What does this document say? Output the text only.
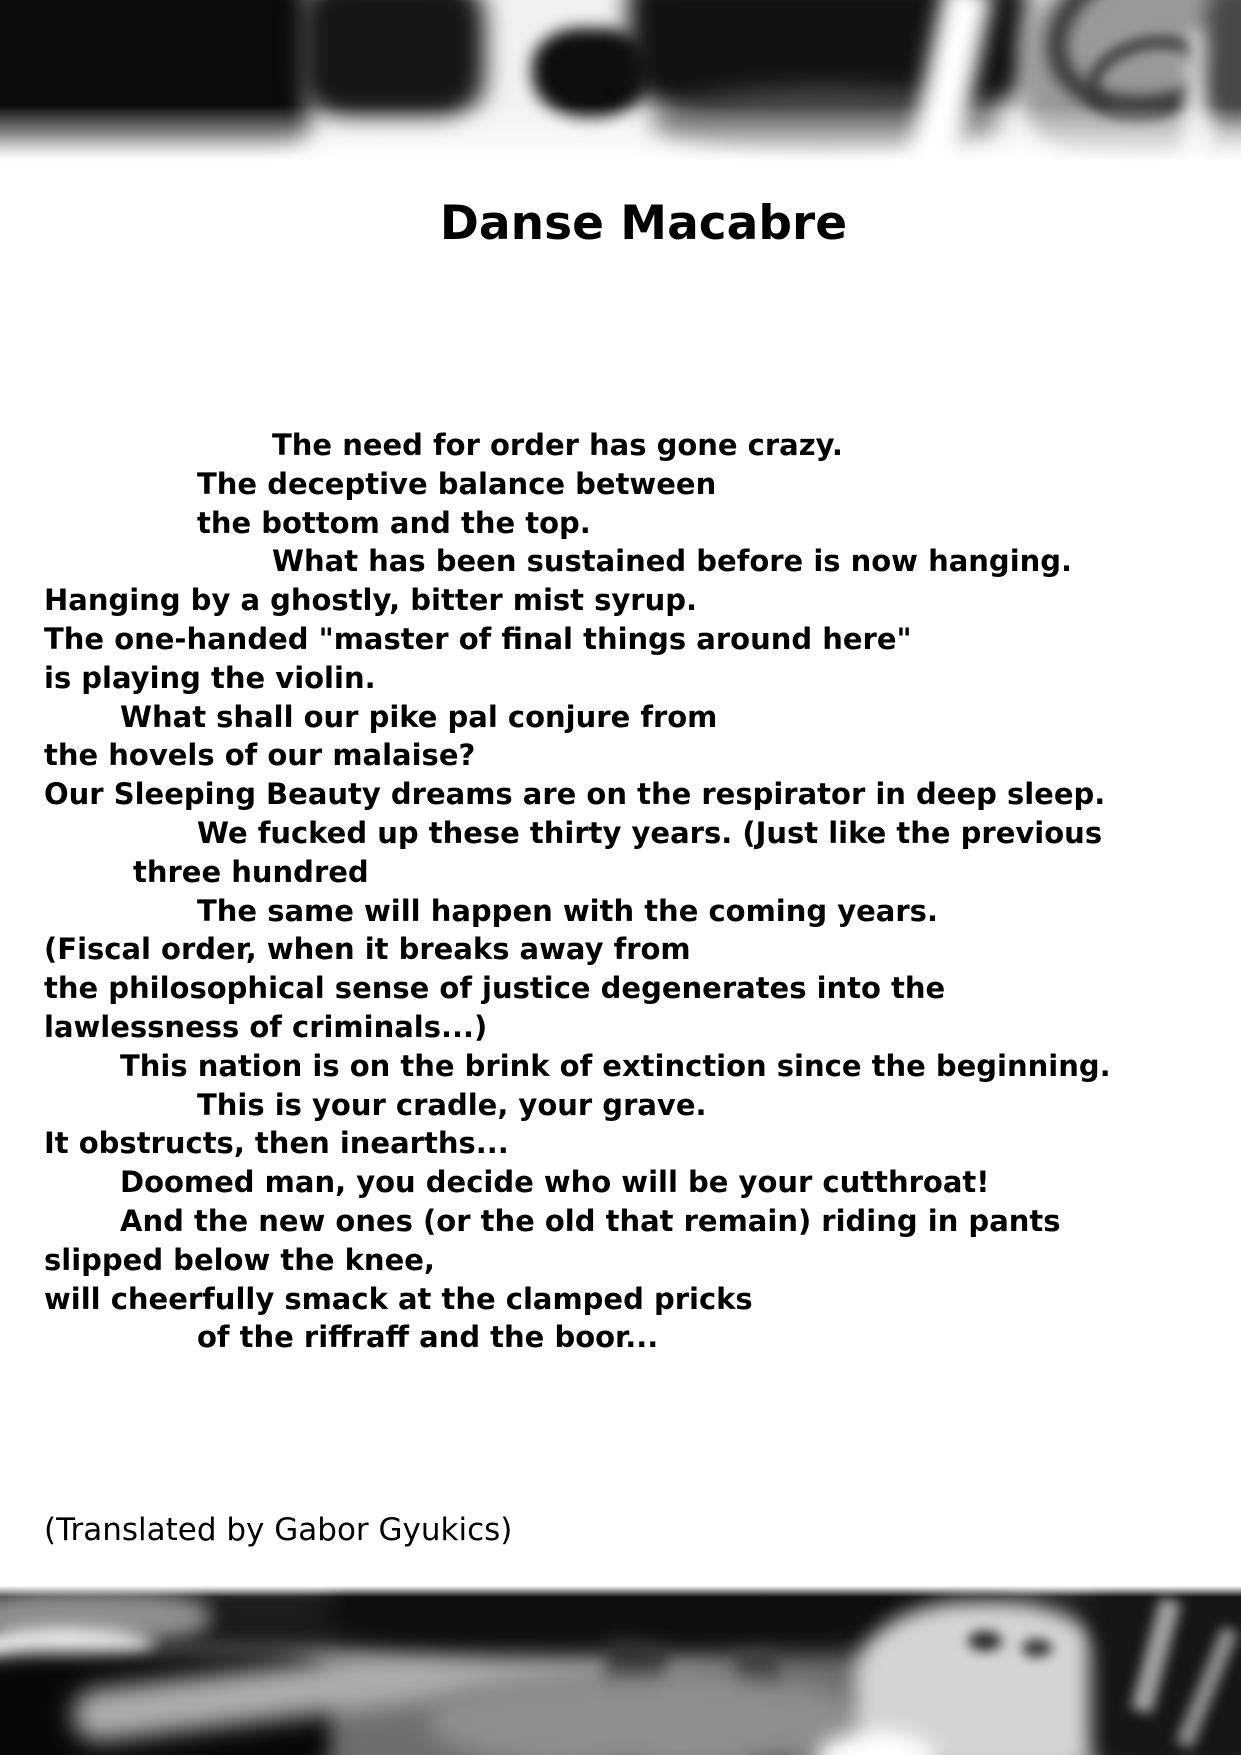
Danse Macabre
The need for order has gone crazy.
The deceptive balance between
the bottom and the top.
What has been sustained before is now hanging.
Hanging by a ghostly, bitter mist syrup.
The one-handed "master of final things around here"
is playing the violin.
What shall our pike pal conjure from
the hovels of our malaise?
Our Sleeping Beauty dreams are on the respirator in deep sleep.
We fucked up these thirty years. (Just like the previous
three hundred
The same will happen with the coming years.
(Fiscal order, when it breaks away from
the philosophical sense of justice degenerates into the
lawlessness of criminals...)
This nation is on the brink of extinction since the beginning.
This is your cradle, your grave.
It obstructs, then inearths...
Doomed man, you decide who will be your cutthroat!
And the new ones (or the old that remain) riding in pants
slipped below the knee,
will cheerfully smack at the clamped pricks
of the riffraff and the boor...
(Translated by Gabor Gyukics)
